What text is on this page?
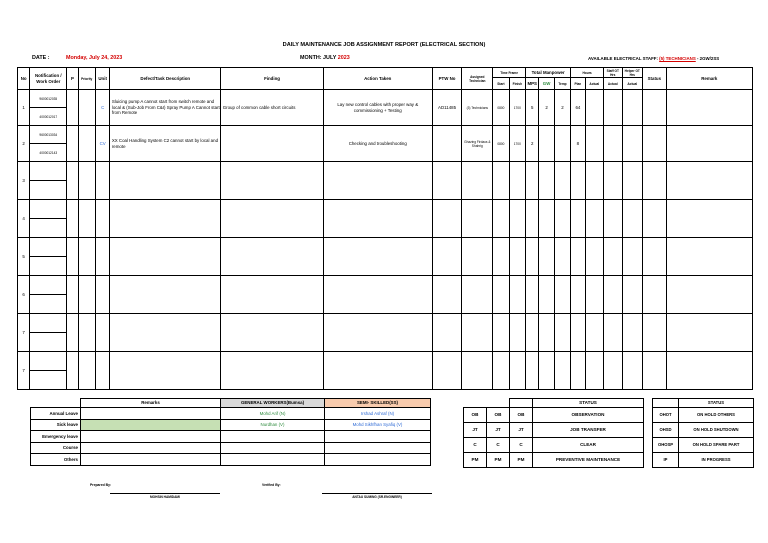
DAILY MAINTENANCE JOB ASSIGNMENT REPORT (ELECTRICAL SECTION)
DATE :	Monday, July 24, 2023	MONTH: JULY 2023	AVAILABLE ELECTRICAL STAFF: (5) TECHNICIANS - 2GW/2SS
No	Notification / Work Order	P	Priority	Unit	Defect/Task Description	Finding	Action Taken	PTW No	Assigned Technician	Time Frame		Total Manpower			Hours		Staff OT Hrs	Helper OT Hrs	Status	Remark
										Start	Finish	MPS	GW	Temp	Plan	Actual	Actual	Actual		
1	9600012035			C	Sluicing pump A cannot start from switch remote and local & (Sub-Job From C&I) Spray Pump A Cannot start from Remote	Group of common cable short circuits	Lay new control cables with proper way & commissioning + Testing	AD11485	(3) Technicians	0800	1700	5	2	2	64					
	4000012017																			
2	9600013034			CV	XX Coal Handling System C2 cannot start by local and remote		Checking and troubleshooting		Ghazing Firdaus & Shahrig	0800	1700	2			8					
	4000012143																			
3																				

4																				

5																				

6																				

7																				

7																				

	Remarks	GENERAL WORKERS(Bumsa)	SEMI- SKILLED(SS)
Annual Leave		Mohd Arif (N)	Irshad Ashraf (N)
Sick leave		Nurdhan (V)	Mohd Sikhfhan Syafiq (V)
Emergency leave			
Course			
Others			
			STATUS
OB	OB	OB	OBSERVATION
JT	JT	JT	JOB TRANSFER
C	C	C	CLEAR
PM	PM	PM	PREVENTIVE MAINTENANCE
	STATUS
OHOT	ON HOLD OTHERS
OHSD	ON HOLD SHUTDOWN
OHOSP	ON HOLD SPARE PART
IP	IN PROGRESS
Prepared By:
MOHSIN HAMIDAMI
Verified By:
ANTAU SUMING (SR.ENGINEER)
